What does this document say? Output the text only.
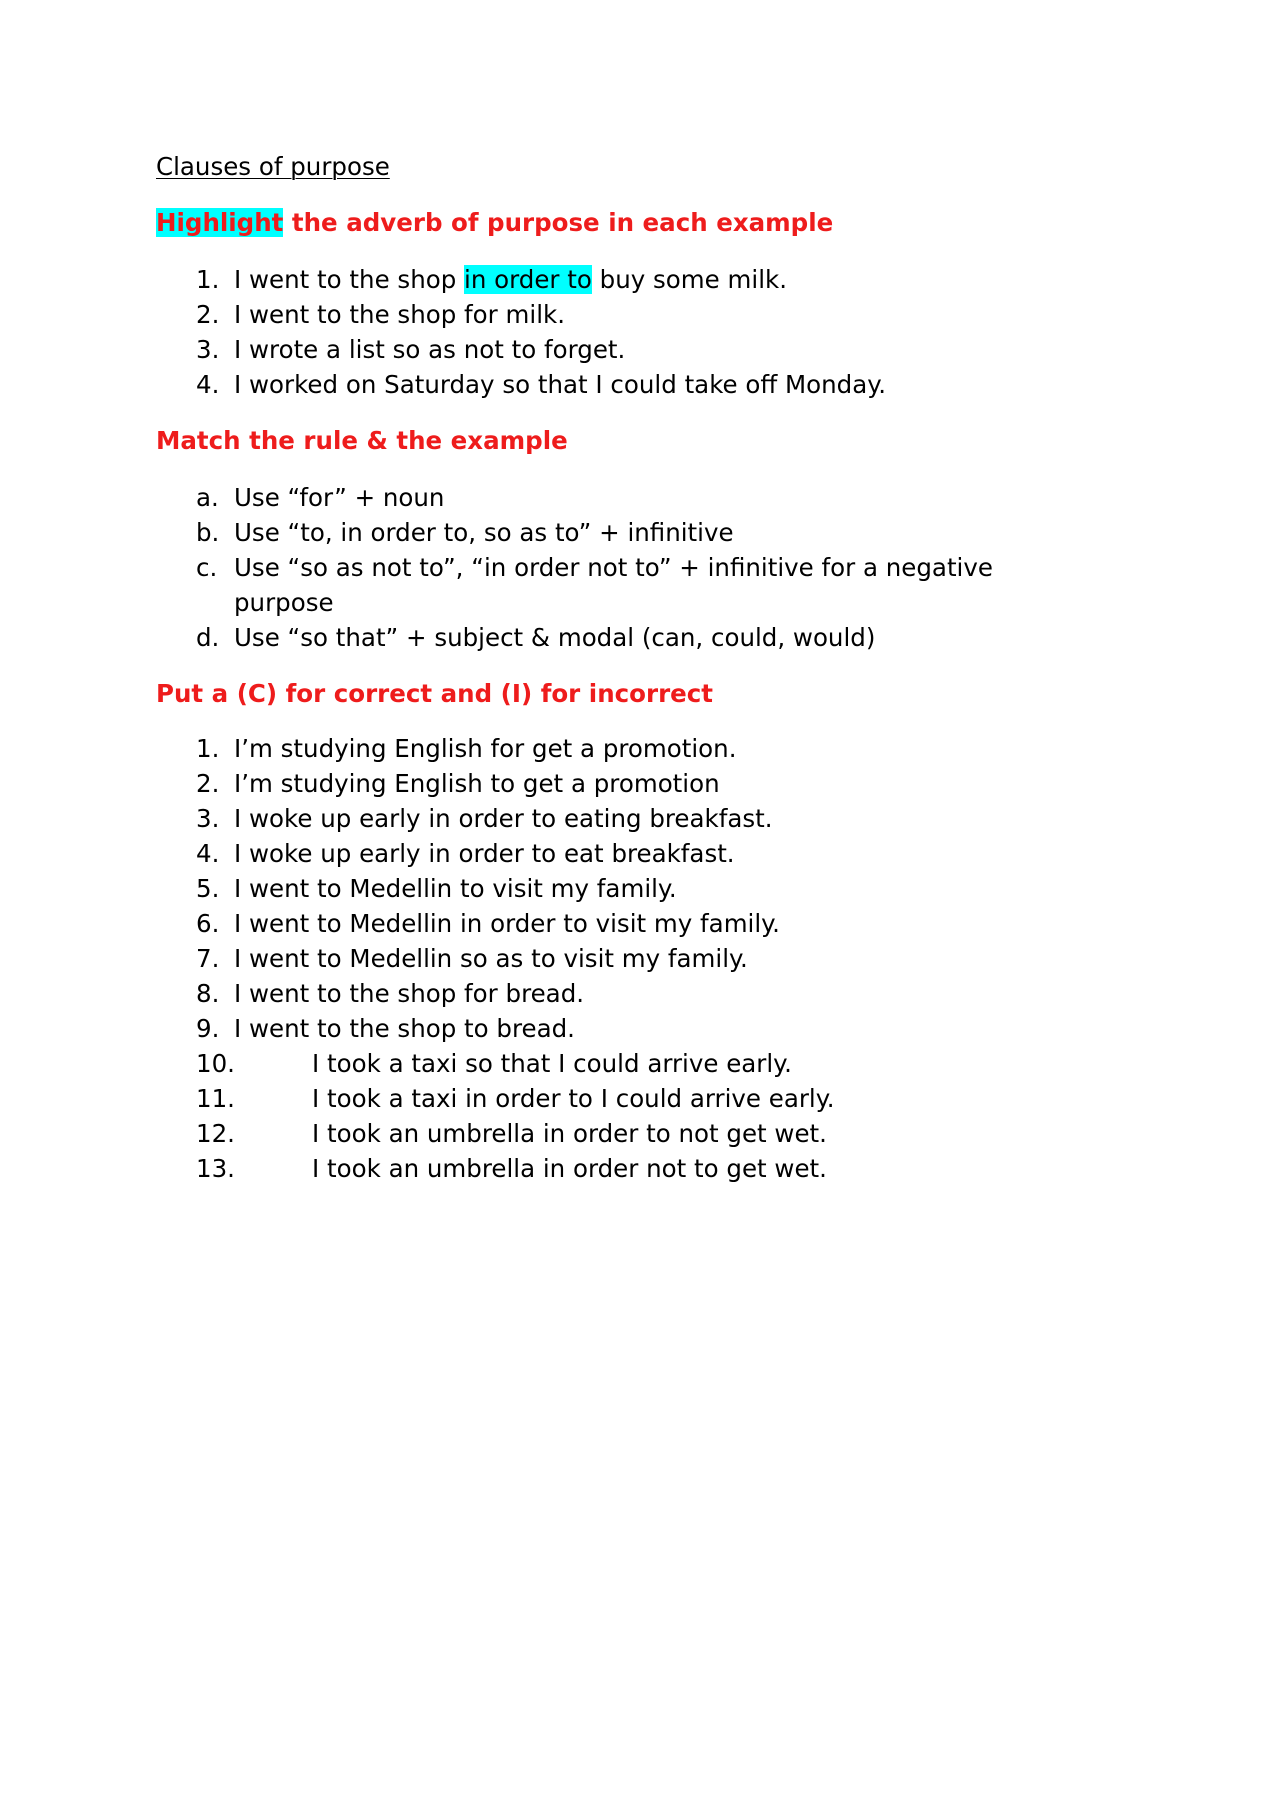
Clauses of purpose

Highlight the adverb of purpose in each example

1. I went to the shop in order to buy some milk.
2. I went to the shop for milk.
3. I wrote a list so as not to forget.
4. I worked on Saturday so that I could take off Monday.

Match the rule & the example

a. Use “for” + noun
b. Use “to, in order to, so as to” + infinitive
c. Use “so as not to”, “in order not to” + infinitive for a negative purpose
d. Use “so that” + subject & modal (can, could, would)

Put a (C) for correct and (I) for incorrect

1. I’m studying English for get a promotion.
2. I’m studying English to get a promotion
3. I woke up early in order to eating breakfast.
4. I woke up early in order to eat breakfast.
5. I went to Medellin to visit my family.
6. I went to Medellin in order to visit my family.
7. I went to Medellin so as to visit my family.
8. I went to the shop for bread.
9. I went to the shop to bread.
10.	I took a taxi so that I could arrive early.
11.	I took a taxi in order to I could arrive early.
12.	I took an umbrella in order to not get wet.
13.	I took an umbrella in order not to get wet.
